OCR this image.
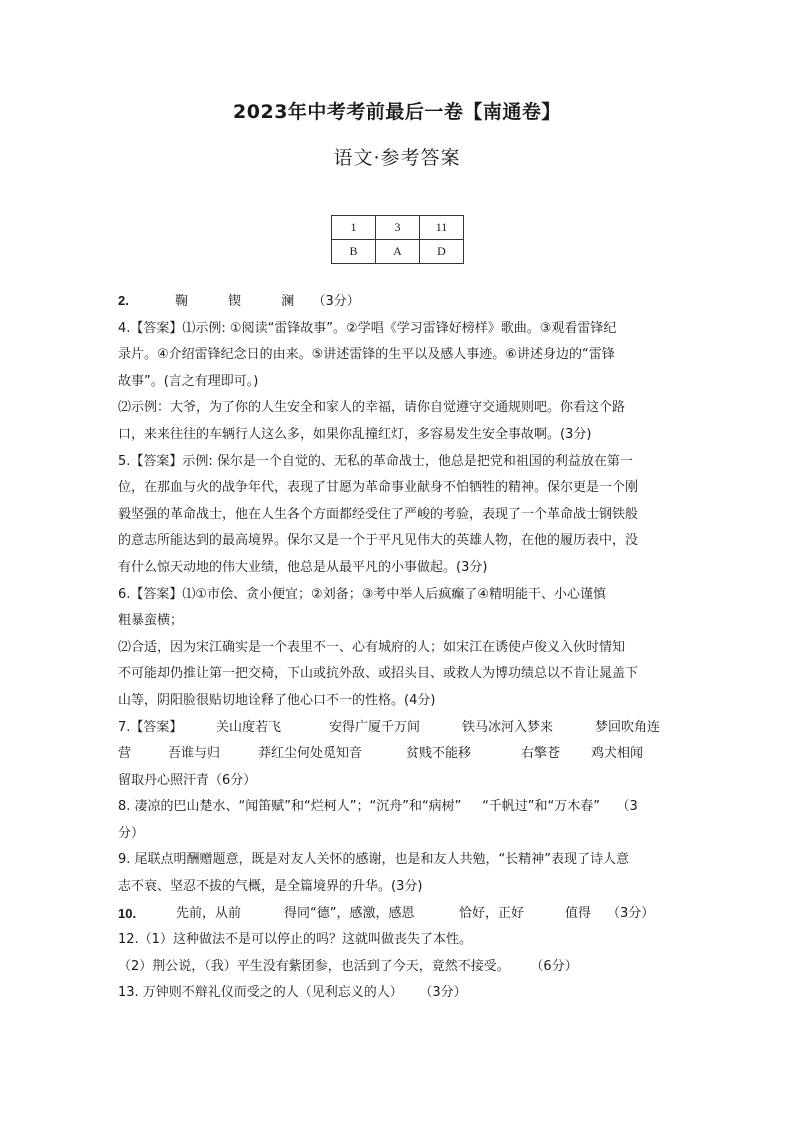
2023年中考考前最后一卷【南通卷】
语文·参考答案
1	3	11
B	A	D

2.	鞠	锲	澜 （3分）

4.【答案】⑴示例: ①阅读“雷锋故事”。②学唱《学习雷锋好榜样》歌曲。③观看雷锋纪

录片。④介绍雷锋纪念日的由来。⑤讲述雷锋的生平以及感人事迹。⑥讲述身边的“雷锋

故事”。(言之有理即可。)

⑵示例：大爷，为了你的人生安全和家人的幸福，请你自觉遵守交通规则吧。你看这个路

口，来来往往的车辆行人这么多，如果你乱撞红灯，多容易发生安全事故啊。(3分)

5.【答案】示例: 保尔是一个自觉的、无私的革命战士，他总是把党和祖国的利益放在第一

位，在那血与火的战争年代，表现了甘愿为革命事业献身不怕牺牲的精神。保尔更是一个刚

毅坚强的革命战士，他在人生各个方面都经受住了严峻的考验，表现了一个革命战士钢铁般

的意志所能达到的最高境界。保尔又是一个于平凡见伟大的英雄人物，在他的履历表中，没

有什么惊天动地的伟大业绩，他总是从最平凡的小事做起。(3分)

6.【答案】⑴①市侩、贪小便宜；②刘备；③考中举人后疯癫了④精明能干、小心谨慎

粗暴蛮横；

⑵合适，因为宋江确实是一个表里不一、心有城府的人；如宋江在诱使卢俊义入伙时情知

不可能却仍推让第一把交椅，下山或抗外敌、或招头目、或救人为博功绩总以不肯让晁盖下

山等，阴阳脸很贴切地诠释了他心口不一的性格。(4分)

7.【答案】	关山度若飞	安得广厦千万间	铁马冰河入梦来	梦回吹角连
营	吾谁与归	莽红尘何处觅知音	贫贱不能移	右擎苍	鸡犬相闻

留取丹心照汗青（6分）

8. 凄凉的巴山楚水、“闻笛赋”和“烂柯人”；“沉舟”和“病树”     “千帆过”和“万木春”    （3

分）

9. 尾联点明酬赠题意，既是对友人关怀的感谢，也是和友人共勉，“长精神”表现了诗人意

志不衰、坚忍不拔的气概，是全篇境界的升华。(3分)

10.	先前，从前	得同“德”，感激，感恩	恰好，正好	值得	（3分）

12.（1）这种做法不是可以停止的吗？这就叫做丧失了本性。

（2）荆公说，（我）平生没有紫团参，也活到了今天，竟然不接受。     （6分）

13. 万钟则不辩礼仪而受之的人（见利忘义的人）    （3分）
